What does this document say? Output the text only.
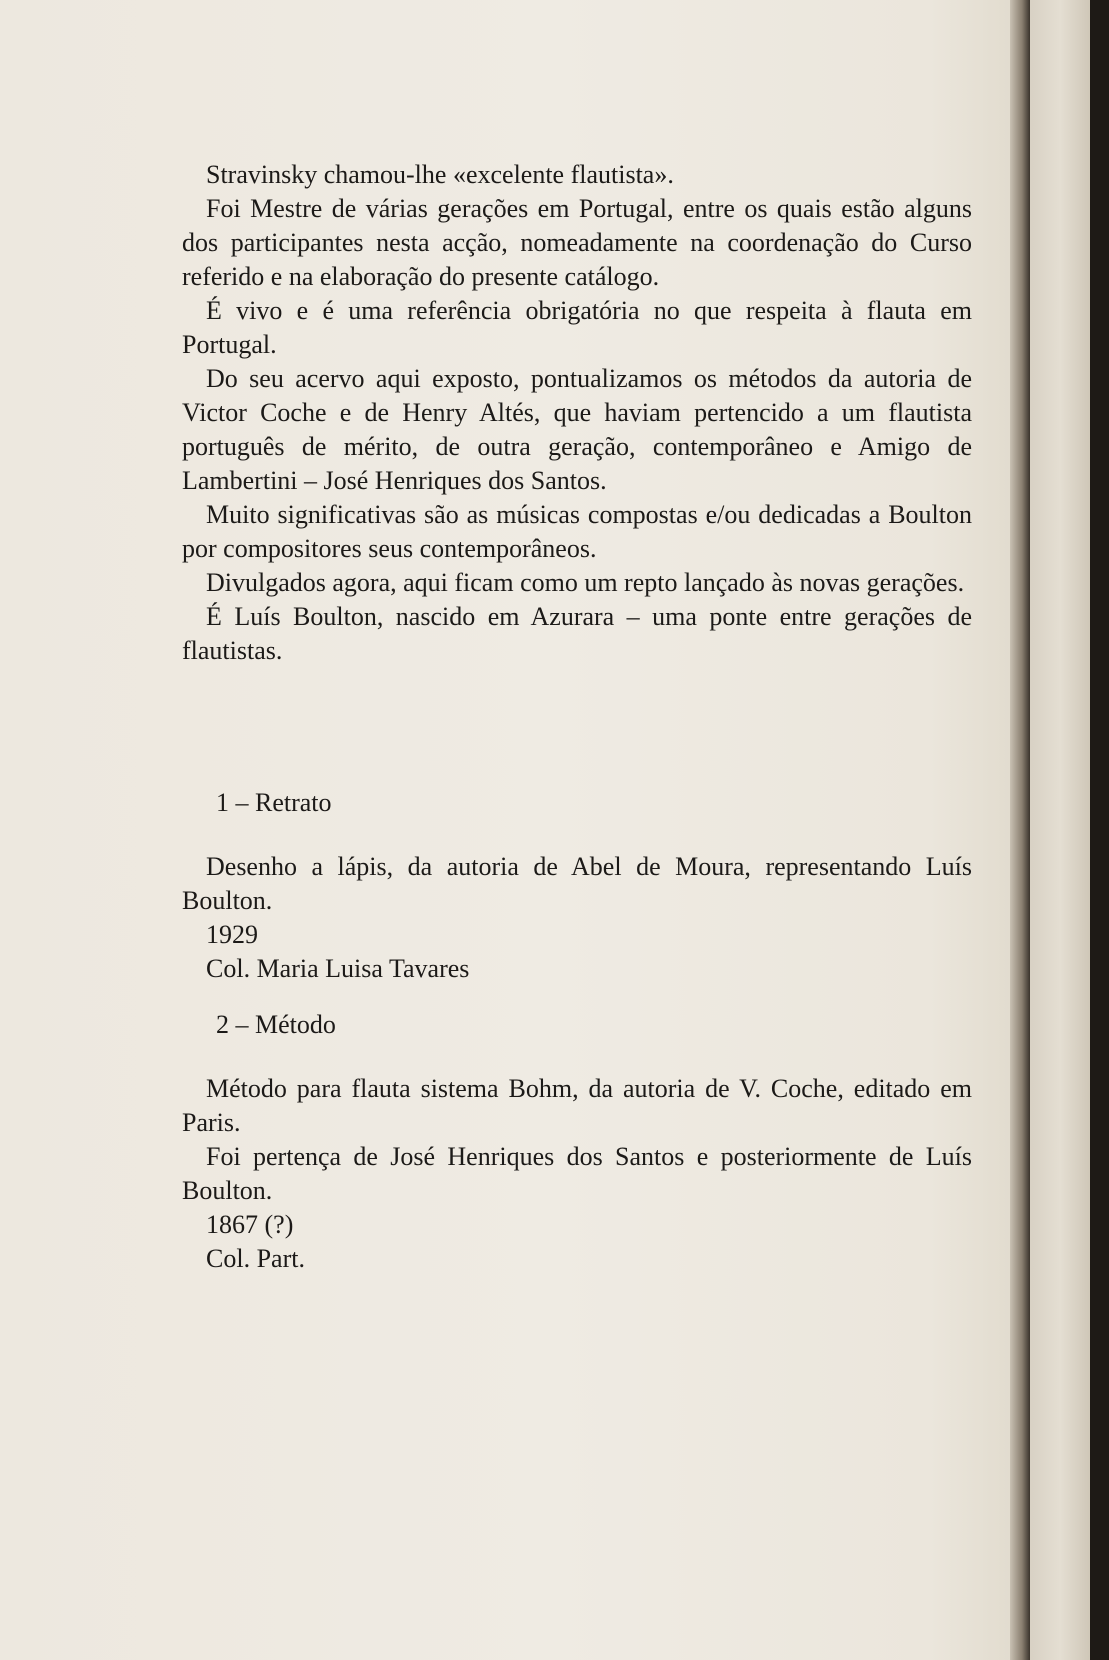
Stravinsky chamou-lhe «excelente flautista».

Foi Mestre de várias gerações em Portugal, entre os quais estão alguns dos participantes nesta acção, nomeadamente na coordenação do Curso referido e na elaboração do presente catálogo.

É vivo e é uma referência obrigatória no que respeita à flauta em Portugal.

Do seu acervo aqui exposto, pontualizamos os métodos da autoria de Victor Coche e de Henry Altés, que haviam pertencido a um flautista português de mérito, de outra geração, contemporâneo e Amigo de Lambertini – José Henriques dos Santos.

Muito significativas são as músicas compostas e/ou dedicadas a Boulton por compositores seus contemporâneos.

Divulgados agora, aqui ficam como um repto lançado às novas gerações.

É Luís Boulton, nascido em Azurara – uma ponte entre gerações de flautistas.

1 – Retrato

Desenho a lápis, da autoria de Abel de Moura, representando Luís Boulton.

1929

Col. Maria Luisa Tavares

2 – Método

Método para flauta sistema Bohm, da autoria de V. Coche, editado em Paris.

Foi pertença de José Henriques dos Santos e posteriormente de Luís Boulton.

1867 (?)

Col. Part.
